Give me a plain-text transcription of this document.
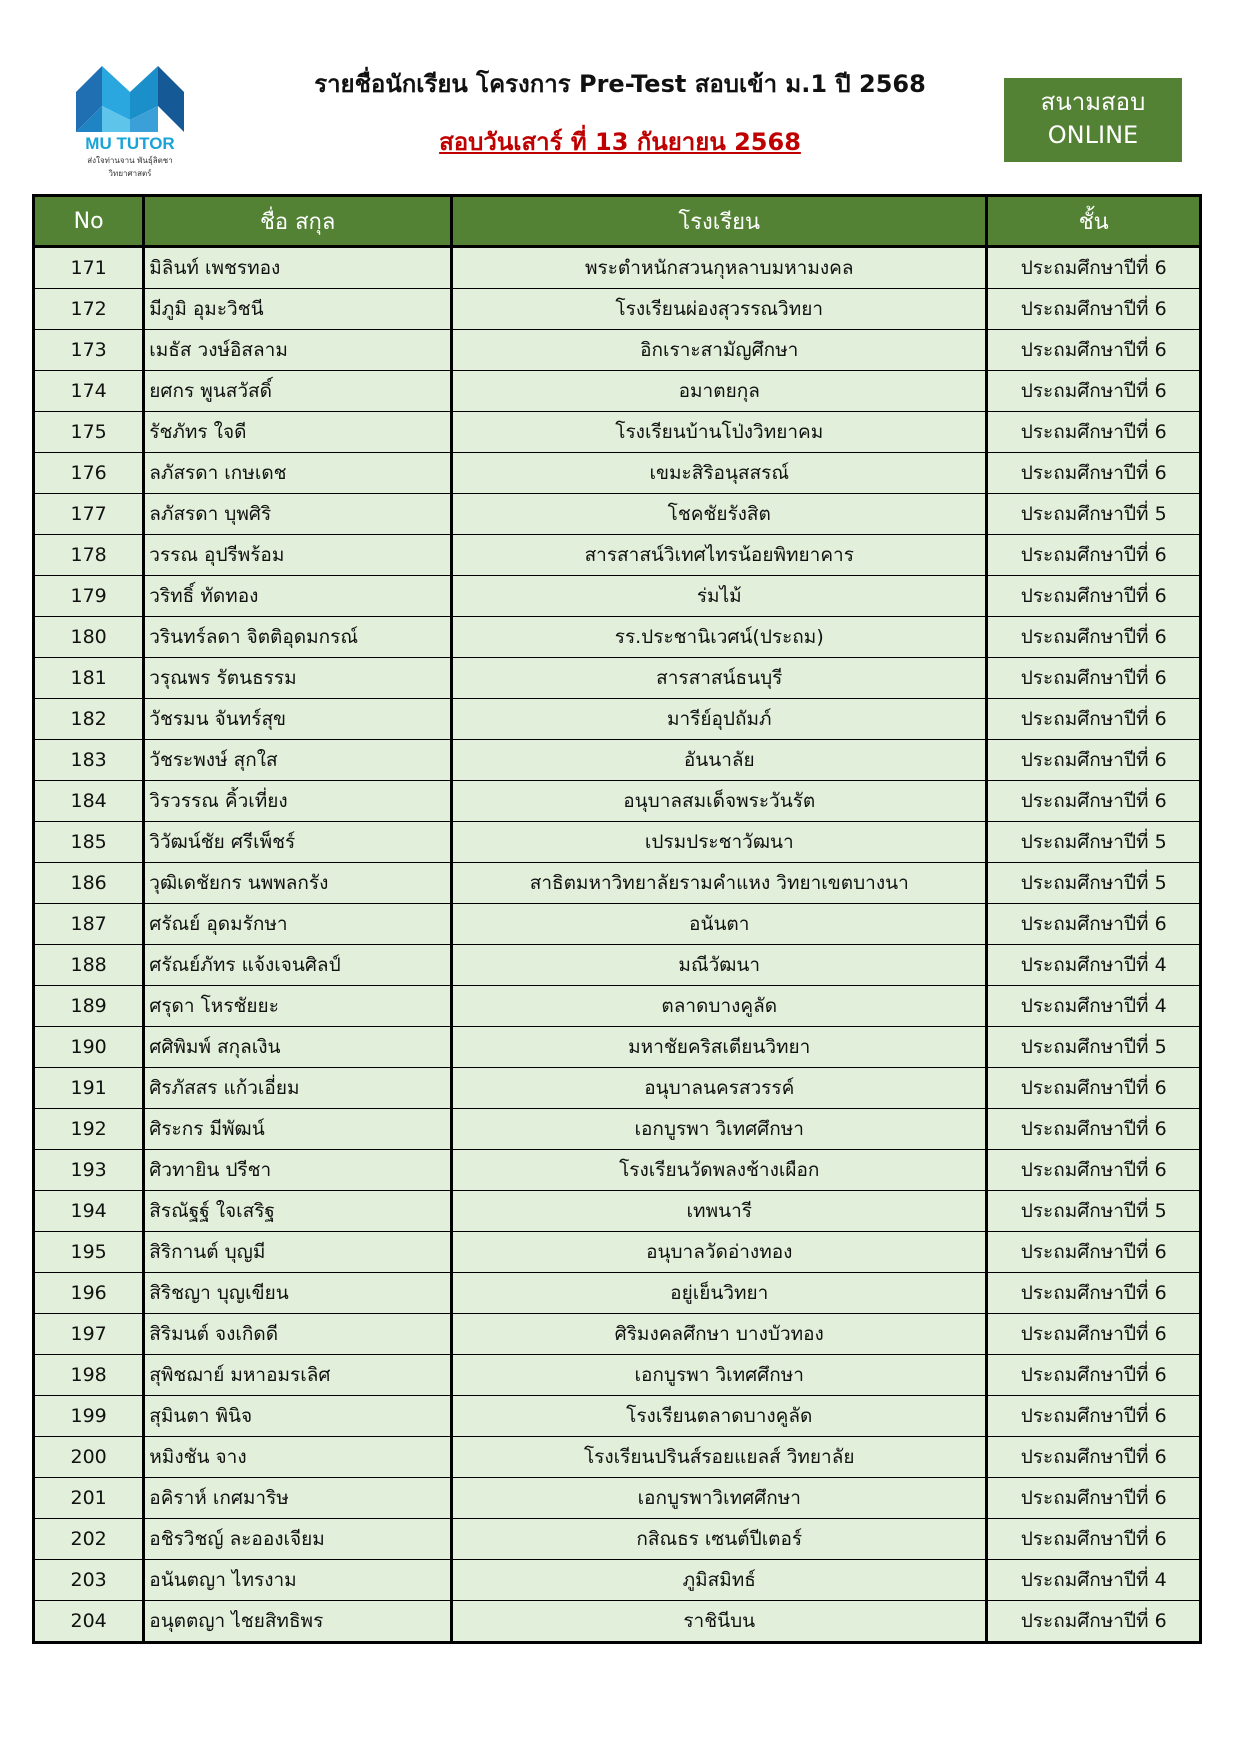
MU TUTOR
ส่งใจท่านจาน พันธุ์ลิตชาวิทยาศาสตร์
รายชื่อนักเรียน โครงการ Pre-Test สอบเข้า ม.1 ปี 2568
สอบวันเสาร์ ที่ 13 กันยายน 2568
สนามสอบ
ONLINE
No	ชื่อ สกุล	โรงเรียน	ชั้น
171	มิลินท์ เพชรทอง	พระตำหนักสวนกุหลาบมหามงคล	ประถมศึกษาปีที่ 6
172	มีภูมิ อุมะวิชนี	โรงเรียนผ่องสุวรรณวิทยา	ประถมศึกษาปีที่ 6
173	เมธัส วงษ์อิสลาม	อิกเราะสามัญศึกษา	ประถมศึกษาปีที่ 6
174	ยศกร พูนสวัสดิ์	อมาตยกุล	ประถมศึกษาปีที่ 6
175	รัชภัทร ใจดี	โรงเรียนบ้านโป่งวิทยาคม	ประถมศึกษาปีที่ 6
176	ลภัสรดา เกษเดช	เขมะสิริอนุสสรณ์	ประถมศึกษาปีที่ 6
177	ลภัสรดา บุพศิริ	โชคชัยรังสิต	ประถมศึกษาปีที่ 5
178	วรรณ อุปรีพร้อม	สารสาสน์วิเทศไทรน้อยพิทยาคาร	ประถมศึกษาปีที่ 6
179	วริทธิ์ ทัดทอง	ร่มไม้	ประถมศึกษาปีที่ 6
180	วรินทร์ลดา จิตติอุดมกรณ์	รร.ประชานิเวศน์(ประถม)	ประถมศึกษาปีที่ 6
181	วรุณพร รัตนธรรม	สารสาสน์ธนบุรี	ประถมศึกษาปีที่ 6
182	วัชรมน จันทร์สุข	มารีย์อุปถัมภ์	ประถมศึกษาปีที่ 6
183	วัชระพงษ์ สุกใส	อันนาลัย	ประถมศึกษาปีที่ 6
184	วิรวรรณ คิ้วเที่ยง	อนุบาลสมเด็จพระวันรัต	ประถมศึกษาปีที่ 6
185	วิวัฒน์ชัย ศรีเพ็ชร์	เปรมประชาวัฒนา	ประถมศึกษาปีที่ 5
186	วุฒิเดชัยกร นพพลกรัง	สาธิตมหาวิทยาลัยรามคำแหง วิทยาเขตบางนา	ประถมศึกษาปีที่ 5
187	ศรัณย์ อุดมรักษา	อนันตา	ประถมศึกษาปีที่ 6
188	ศรัณย์ภัทร แจ้งเจนศิลป์	มณีวัฒนา	ประถมศึกษาปีที่ 4
189	ศรุดา โหรชัยยะ	ตลาดบางคูลัด	ประถมศึกษาปีที่ 4
190	ศศิพิมพ์ สกุลเงิน	มหาชัยคริสเตียนวิทยา	ประถมศึกษาปีที่ 5
191	ศิรภัสสร แก้วเอี่ยม	อนุบาลนครสวรรค์	ประถมศึกษาปีที่ 6
192	ศิระกร มีพัฒน์	เอกบูรพา วิเทศศึกษา	ประถมศึกษาปีที่ 6
193	ศิวทายิน ปรีชา	โรงเรียนวัดพลงช้างเผือก	ประถมศึกษาปีที่ 6
194	สิรณัฐฐ์ ใจเสริฐ	เทพนารี	ประถมศึกษาปีที่ 5
195	สิริกานต์ บุญมี	อนุบาลวัดอ่างทอง	ประถมศึกษาปีที่ 6
196	สิริชญา บุญเขียน	อยู่เย็นวิทยา	ประถมศึกษาปีที่ 6
197	สิริมนต์ จงเกิดดี	ศิริมงคลศึกษา บางบัวทอง	ประถมศึกษาปีที่ 6
198	สุพิชฌาย์ มหาอมรเลิศ	เอกบูรพา วิเทศศึกษา	ประถมศึกษาปีที่ 6
199	สุมินตา พินิจ	โรงเรียนตลาดบางคูลัด	ประถมศึกษาปีที่ 6
200	หมิงชัน จาง	โรงเรียนปรินส์รอยแยลส์ วิทยาลัย	ประถมศึกษาปีที่ 6
201	อคิราห์ เกศมาริษ	เอกบูรพาวิเทศศึกษา	ประถมศึกษาปีที่ 6
202	อชิรวิชญ์ ละอองเจียม	กสิณธร เซนต์ปีเตอร์	ประถมศึกษาปีที่ 6
203	อนันตญา ไทรงาม	ภูมิสมิทธ์	ประถมศึกษาปีที่ 4
204	อนุตตญา ไชยสิทธิพร	ราชินีบน	ประถมศึกษาปีที่ 6
